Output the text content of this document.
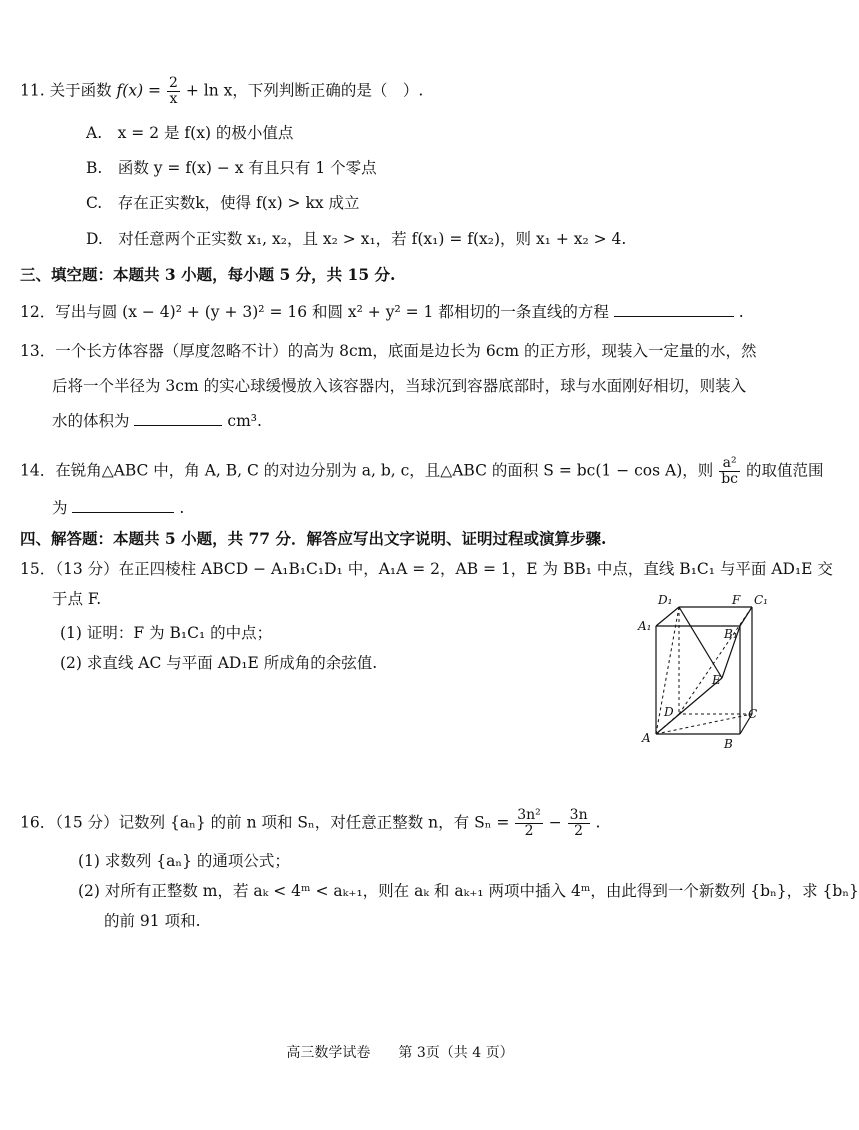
11. 关于函数 $f(x) = \frac{2}{x} + \ln x$，下列判断正确的是（　）.
A.　x = 2 是 f(x) 的极小值点
B.　函数 y = f(x) − x 有且只有 1 个零点
C.　存在正实数k，使得 f(x) > kx 成立
D.　对任意两个正实数 x₁, x₂，且 x₂ > x₁，若 f(x₁) = f(x₂)，则 x₁ + x₂ > 4.
三、填空题：本题共 3 小题，每小题 5 分，共 15 分.
12．写出与圆 (x − 4)² + (y + 3)² = 16 和圆 x² + y² = 1 都相切的一条直线的方程	.
13．一个长方体容器（厚度忽略不计）的高为 8cm，底面是边长为 6cm 的正方形，现装入一定量的水，然
后将一个半径为 3cm 的实心球缓慢放入该容器内，当球沉到容器底部时，球与水面刚好相切，则装入
水的体积为	cm³.
14．在锐角△ABC 中，角 A, B, C 的对边分别为 a, b, c，且△ABC 的面积 S = bc(1 − cos A)，则 $\frac{\text{a²}}{bc}$ 的取值范围
为	.
四、解答题：本题共 5 小题，共 77 分．解答应写出文字说明、证明过程或演算步骤.
15．（13 分）在正四棱柱 ABCD − A₁B₁C₁D₁ 中，A₁A = 2，AB = 1，E 为 BB₁ 中点，直线 B₁C₁ 与平面 AD₁E 交
于点 F.
(1) 证明：F 为 B₁C₁ 的中点；
(2) 求直线 AC 与平面 AD₁E 所成角的余弦值.
D₁	F C₁
A₁
B₁
E
D	C
A	B
16．（15 分）记数列 {aₙ} 的前 n 项和 Sₙ，对任意正整数 n，有 $S_n = \frac{\text{3n²}}{2} - \frac{3n}{2}$ .
(1) 求数列 {aₙ} 的通项公式；
(2) 对所有正整数 m，若 aₖ < 4ᵐ < aₖ₊₁，则在 aₖ 和 aₖ₊₁ 两项中插入 4ᵐ，由此得到一个新数列 {bₙ}，求 {bₙ}
的前 91 项和.
高三数学试卷　　第 3页（共 4 页）
